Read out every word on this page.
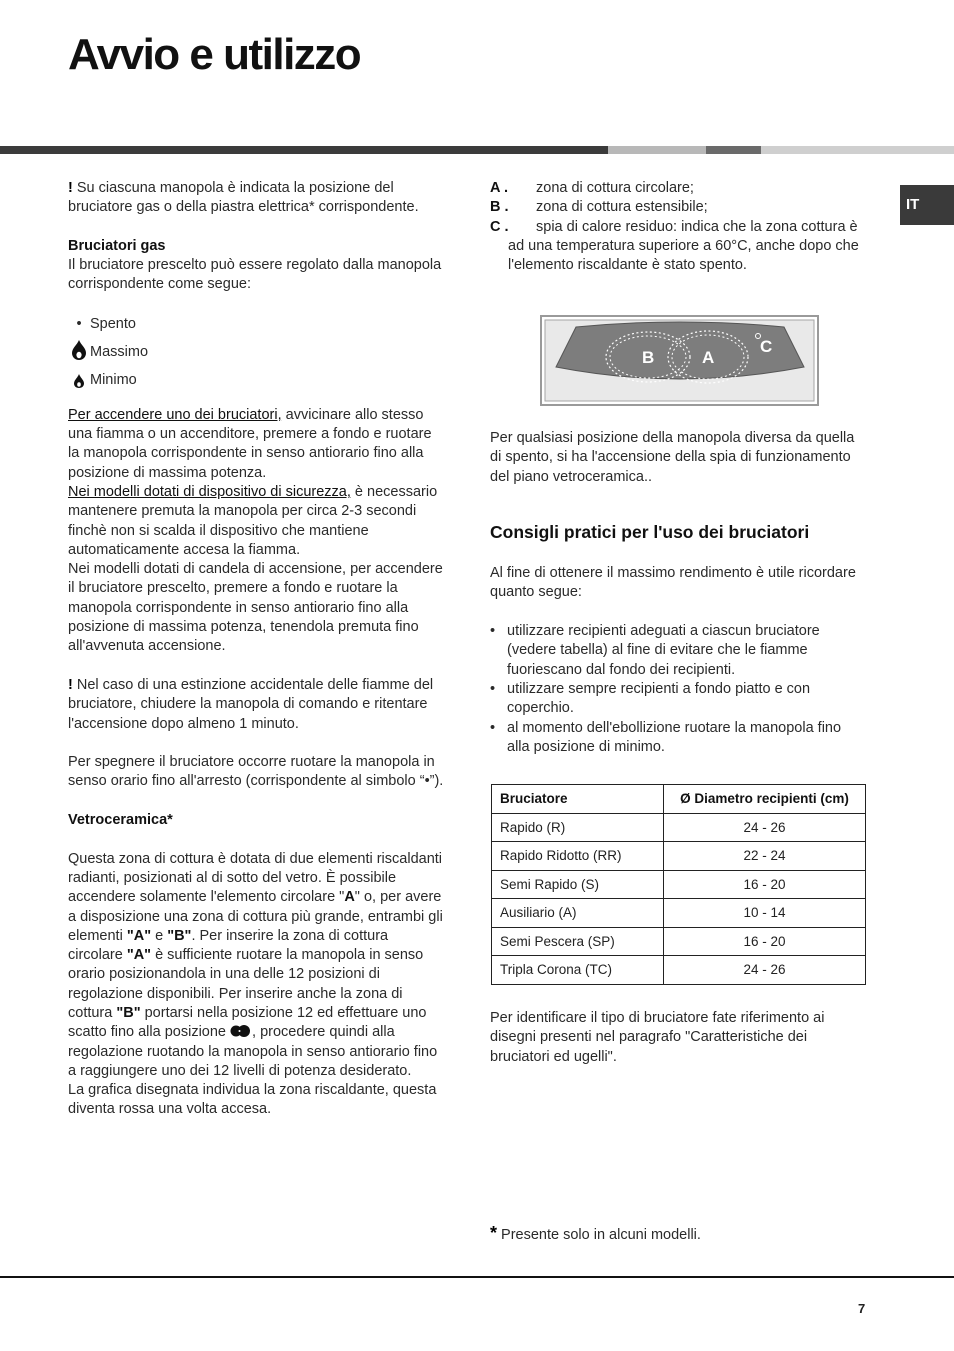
Avvio e utilizzo
IT

! Su ciascuna manopola è indicata la posizione del bruciatore gas o della piastra elettrica* corrispondente.

Bruciatori gas

Il bruciatore prescelto può essere regolato dalla manopola corrispondente come segue:

• Spento
Massimo
Minimo

Per accendere uno dei bruciatori, avvicinare allo stesso una fiamma o un accenditore, premere a fondo e ruotare la manopola corrispondente in senso antiorario fino alla posizione di massima potenza.

Nei modelli dotati di dispositivo di sicurezza, è necessario mantenere premuta la manopola per circa 2-3 secondi finchè non si scalda il dispositivo che mantiene automaticamente accesa la fiamma.

Nei modelli dotati di candela di accensione, per accendere il bruciatore prescelto, premere a fondo e ruotare la manopola corrispondente in senso antiorario fino alla posizione di massima potenza, tenendola premuta fino all'avvenuta accensione.

! Nel caso di una estinzione accidentale delle fiamme del bruciatore, chiudere la manopola di comando e ritentare l'accensione dopo almeno 1 minuto.

Per spegnere il bruciatore occorre ruotare la manopola in senso orario fino all'arresto (corrispondente al simbolo “•”).

Vetroceramica*

Questa zona di cottura è dotata di due elementi riscaldanti radianti, posizionati al di sotto del vetro. È possibile accendere solamente l'elemento circolare "A" o, per avere a disposizione una zona di cottura più grande, entrambi gli elementi "A" e "B". Per inserire la zona di cottura circolare "A" è sufficiente ruotare la manopola in senso orario posizionandola in una delle 12 posizioni di regolazione disponibili. Per inserire anche la zona di cottura "B" portarsi nella posizione 12 ed effettuare uno scatto fino alla posizione , procedere quindi alla regolazione ruotando la manopola in senso antiorario fino a raggiungere uno dei 12 livelli di potenza desiderato.

La grafica disegnata individua la zona riscaldante, questa diventa rossa una volta accesa.

A .	zona di cottura circolare;
B .	zona di cottura estensibile;
C .	spia di calore residuo: indica che la zona cottura è ad una temperatura superiore a 60°C, anche dopo che l'elemento riscaldante è stato spento.

B	A
C

Per qualsiasi posizione della manopola diversa da quella di spento, si ha l'accensione della spia di funzionamento del piano vetroceramica..

Consigli pratici per l'uso dei bruciatori

Al fine di ottenere il massimo rendimento è utile ricordare quanto segue:

• utilizzare recipienti adeguati a ciascun bruciatore (vedere tabella) al fine di evitare che le fiamme fuoriescano dal fondo dei recipienti.
• utilizzare sempre recipienti a fondo piatto e con coperchio.
• al momento dell'ebollizione ruotare la manopola fino alla posizione di minimo.
Bruciatore	Ø Diametro recipienti (cm)
Rapido (R)	24 - 26
Rapido Ridotto (RR)	22 - 24
Semi Rapido (S)	16 - 20
Ausiliario (A)	10 - 14
Semi Pescera (SP)	16 - 20
Tripla Corona (TC)	24 - 26

Per identificare il tipo di bruciatore fate riferimento ai disegni presenti nel paragrafo "Caratteristiche dei bruciatori ed ugelli".

* Presente solo in alcuni modelli.
7
